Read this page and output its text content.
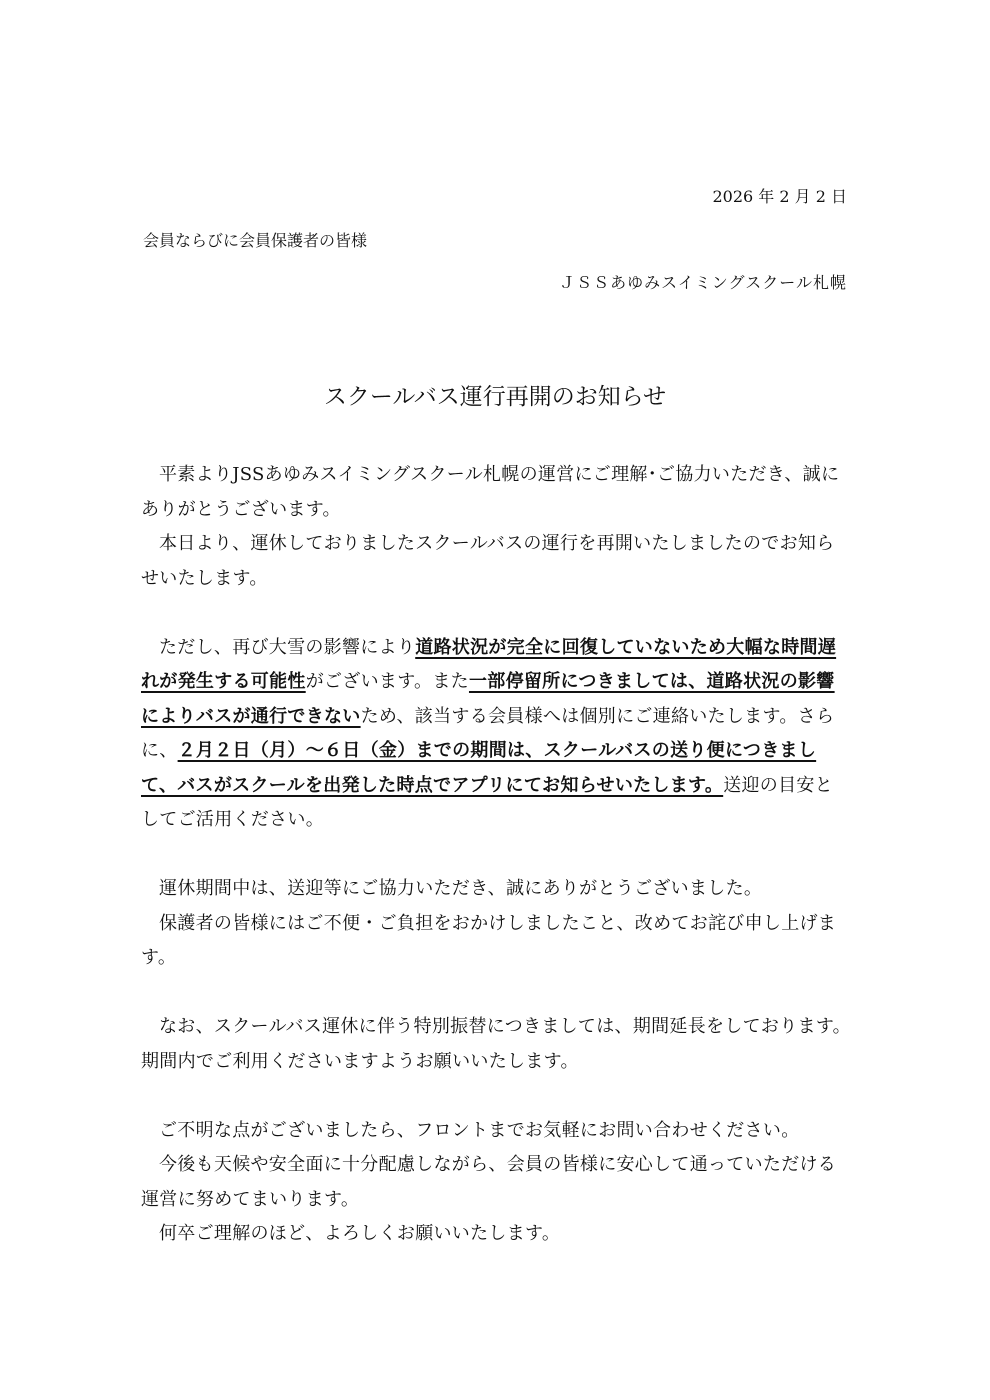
2026 年 2 月 2 日
会員ならびに会員保護者の皆様
ＪＳＳあゆみスイミングスクール札幌
スクールバス運行再開のお知らせ

平素よりJSSあゆみスイミングスクール札幌の運営にご理解･ご協力いただき、誠にありがとうございます。

本日より、運休しておりましたスクールバスの運行を再開いたしましたのでお知らせいたします。

ただし、再び大雪の影響により道路状況が完全に回復していないため大幅な時間遅れが発生する可能性がございます。また一部停留所につきましては、道路状況の影響によりバスが通行できないため、該当する会員様へは個別にご連絡いたします。さらに、２月２日（月）～６日（金）までの期間は、スクールバスの送り便につきまして、バスがスクールを出発した時点でアプリにてお知らせいたします。送迎の目安としてご活用ください。

運休期間中は、送迎等にご協力いただき、誠にありがとうございました。

保護者の皆様にはご不便・ご負担をおかけしましたこと、改めてお詫び申し上げます。

なお、スクールバス運休に伴う特別振替につきましては、期間延長をしております。期間内でご利用くださいますようお願いいたします。

ご不明な点がございましたら、フロントまでお気軽にお問い合わせください。

今後も天候や安全面に十分配慮しながら、会員の皆様に安心して通っていただける運営に努めてまいります。

何卒ご理解のほど、よろしくお願いいたします。
